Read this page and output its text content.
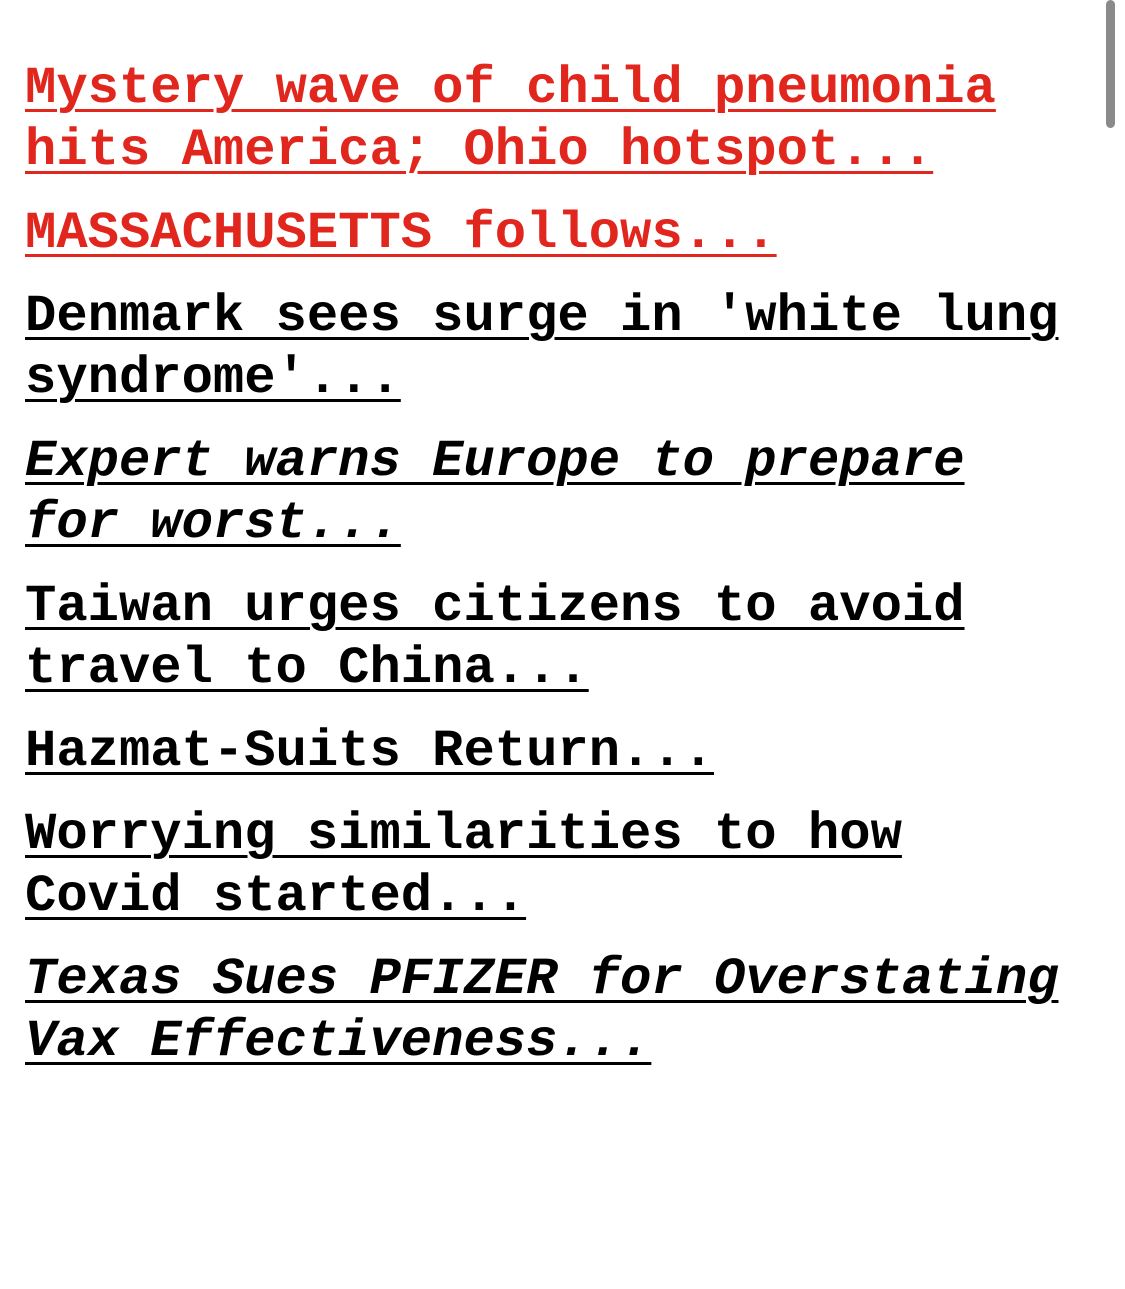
Mystery wave of child pneumonia hits America; Ohio hotspot...
MASSACHUSETTS follows...
Denmark sees surge in 'white lung syndrome'...
Expert warns Europe to prepare for worst...
Taiwan urges citizens to avoid travel to China...
Hazmat-Suits Return...
Worrying similarities to how Covid started...
Texas Sues PFIZER for Overstating Vax Effectiveness...
